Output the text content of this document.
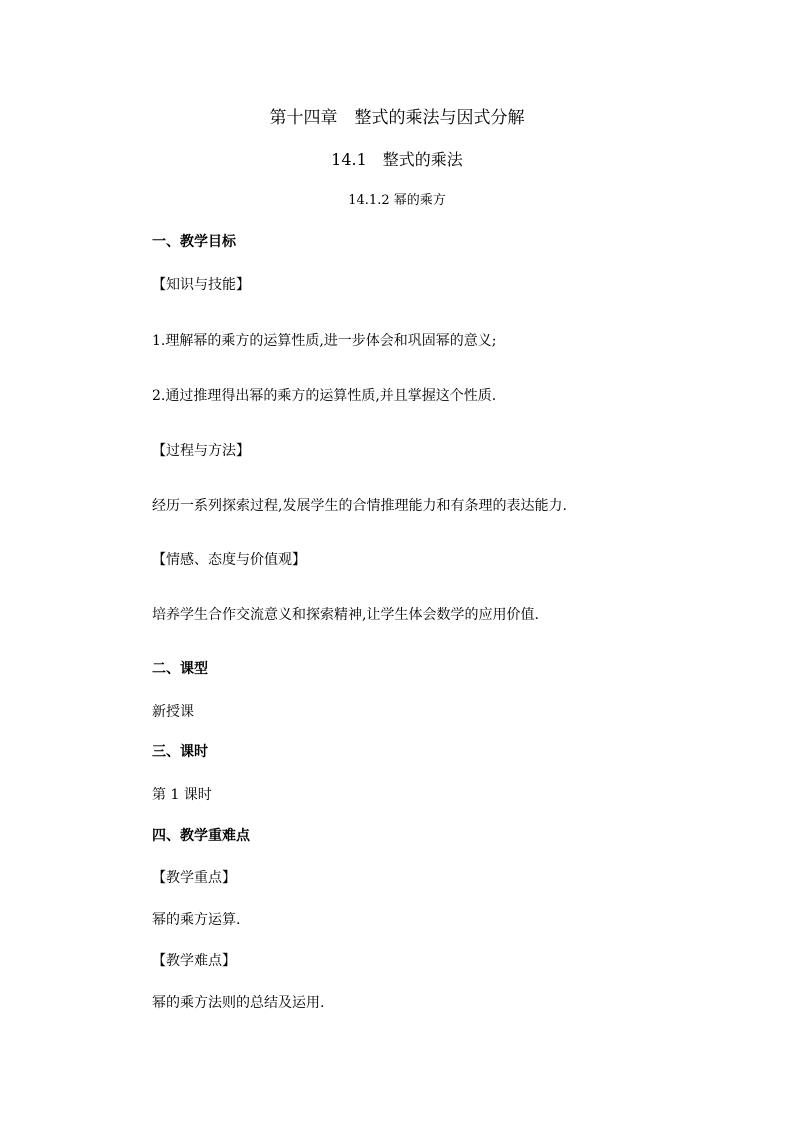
第十四章　整式的乘法与因式分解
14.1　整式的乘法
14.1.2 幂的乘方
一、教学目标
【知识与技能】
1.理解幂的乘方的运算性质,进一步体会和巩固幂的意义;
2.通过推理得出幂的乘方的运算性质,并且掌握这个性质.
【过程与方法】
经历一系列探索过程,发展学生的合情推理能力和有条理的表达能力.
【情感、态度与价值观】
培养学生合作交流意义和探索精神,让学生体会数学的应用价值.
二、课型
新授课
三、课时
第 1 课时
四、教学重难点
【教学重点】
幂的乘方运算.
【教学难点】
幂的乘方法则的总结及运用.
